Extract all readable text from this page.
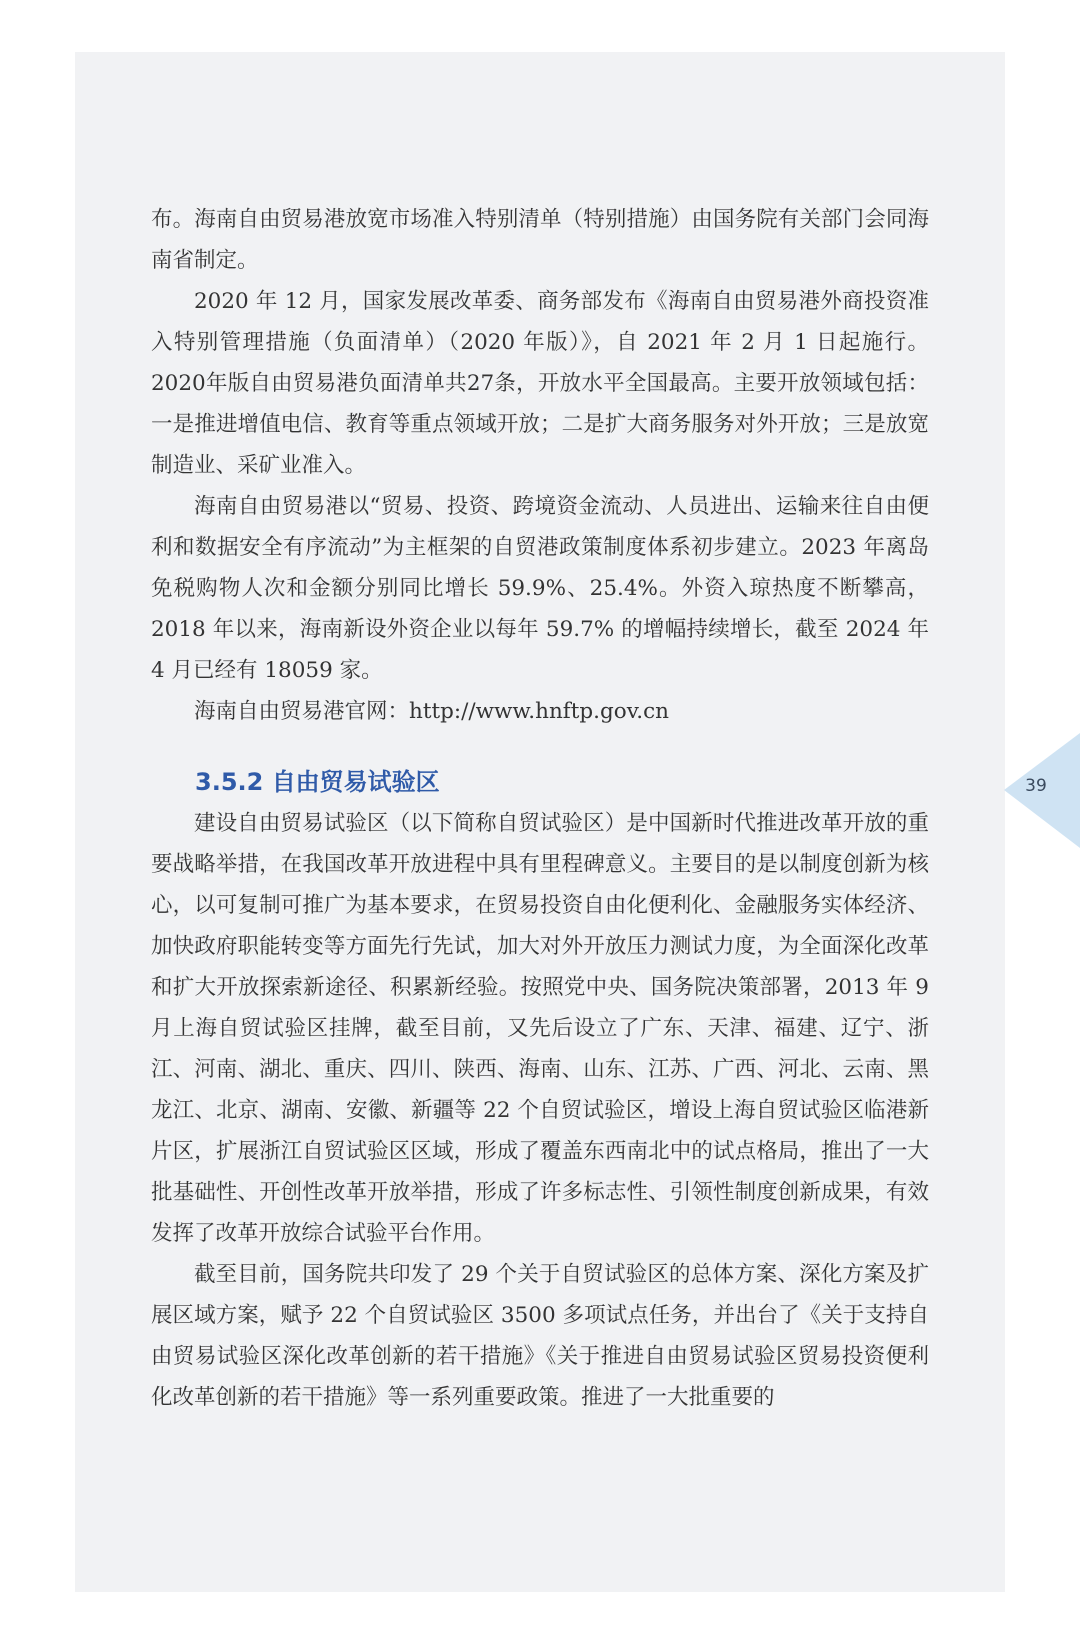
布。海南自由贸易港放宽市场准入特别清单（特别措施）由国务院有关部门会同海南省制定。

2020 年 12 月，国家发展改革委、商务部发布《海南自由贸易港外商投资准入特别管理措施（负面清单）（2020 年版）》，自 2021 年 2 月 1 日起施行。2020年版自由贸易港负面清单共27条，开放水平全国最高。主要开放领域包括：一是推进增值电信、教育等重点领域开放；二是扩大商务服务对外开放；三是放宽制造业、采矿业准入。

海南自由贸易港以“贸易、投资、跨境资金流动、人员进出、运输来往自由便利和数据安全有序流动”为主框架的自贸港政策制度体系初步建立。2023 年离岛免税购物人次和金额分别同比增长 59.9%、25.4%。外资入琼热度不断攀高，2018 年以来，海南新设外资企业以每年 59.7% 的增幅持续增长，截至 2024 年 4 月已经有 18059 家。

海南自由贸易港官网：http://www.hnftp.gov.cn

3.5.2 自由贸易试验区

建设自由贸易试验区（以下简称自贸试验区）是中国新时代推进改革开放的重要战略举措，在我国改革开放进程中具有里程碑意义。主要目的是以制度创新为核心，以可复制可推广为基本要求，在贸易投资自由化便利化、金融服务实体经济、加快政府职能转变等方面先行先试，加大对外开放压力测试力度，为全面深化改革和扩大开放探索新途径、积累新经验。按照党中央、国务院决策部署，2013 年 9 月上海自贸试验区挂牌，截至目前，又先后设立了广东、天津、福建、辽宁、浙江、河南、湖北、重庆、四川、陕西、海南、山东、江苏、广西、河北、云南、黑龙江、北京、湖南、安徽、新疆等 22 个自贸试验区，增设上海自贸试验区临港新片区，扩展浙江自贸试验区区域，形成了覆盖东西南北中的试点格局，推出了一大批基础性、开创性改革开放举措，形成了许多标志性、引领性制度创新成果，有效发挥了改革开放综合试验平台作用。

截至目前，国务院共印发了 29 个关于自贸试验区的总体方案、深化方案及扩展区域方案，赋予 22 个自贸试验区 3500 多项试点任务，并出台了《关于支持自由贸易试验区深化改革创新的若干措施》《关于推进自由贸易试验区贸易投资便利化改革创新的若干措施》等一系列重要政策。推进了一大批重要的

39
